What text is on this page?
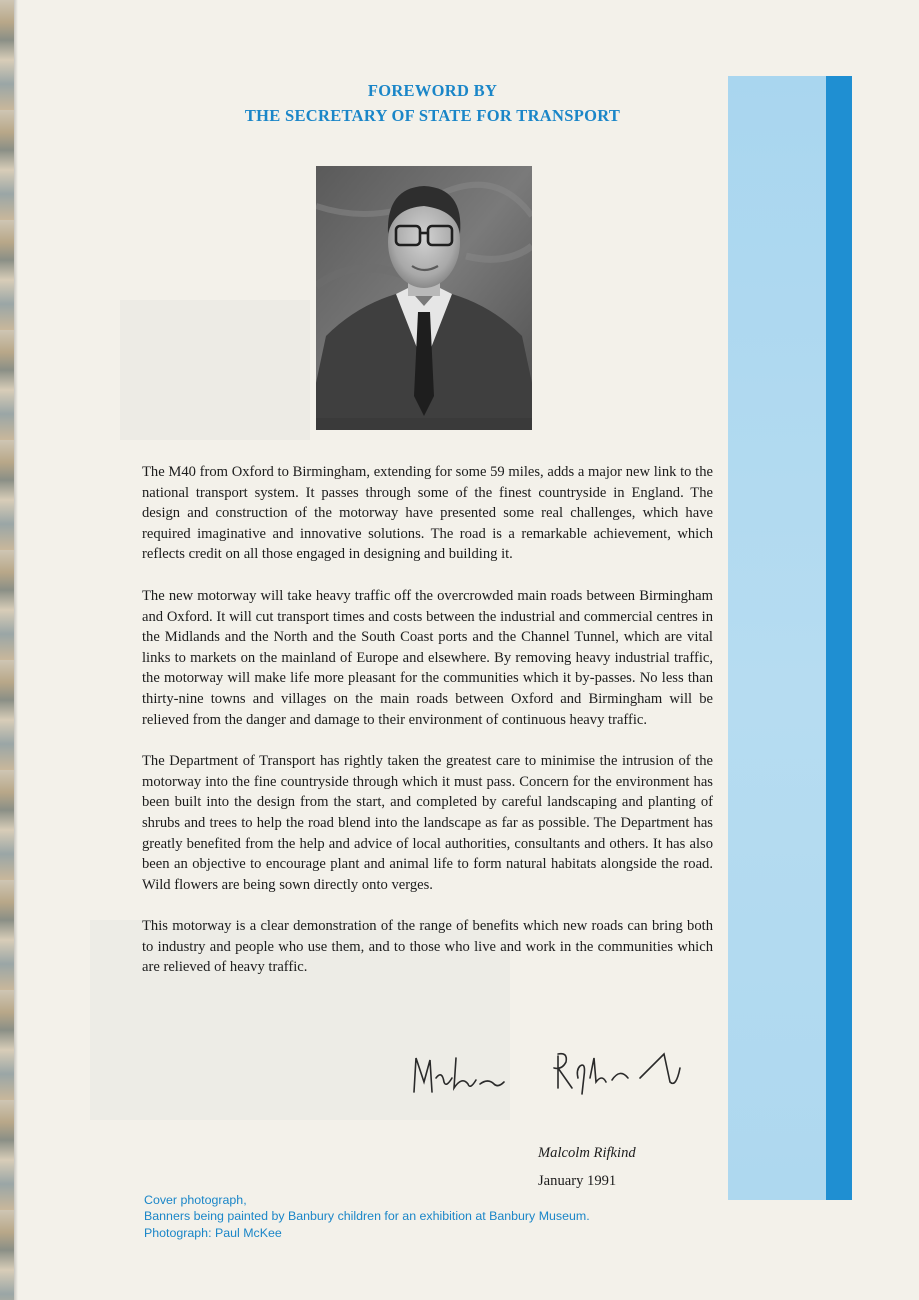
FOREWORD BY
THE SECRETARY OF STATE FOR TRANSPORT

The M40 from Oxford to Birmingham, extending for some 59 miles, adds a major new link to the national transport system. It passes through some of the finest countryside in England. The design and construction of the motorway have presented some real challenges, which have required imaginative and innovative solutions. The road is a remarkable achievement, which reflects credit on all those engaged in designing and building it.

The new motorway will take heavy traffic off the overcrowded main roads between Birmingham and Oxford. It will cut transport times and costs between the industrial and commercial centres in the Midlands and the North and the South Coast ports and the Channel Tunnel, which are vital links to markets on the mainland of Europe and elsewhere. By removing heavy industrial traffic, the motorway will make life more pleasant for the communities which it by-passes. No less than thirty-nine towns and villages on the main roads between Oxford and Birmingham will be relieved from the danger and damage to their environment of continuous heavy traffic.

The Department of Transport has rightly taken the greatest care to minimise the intrusion of the motorway into the fine countryside through which it must pass. Concern for the environment has been built into the design from the start, and completed by careful landscaping and planting of shrubs and trees to help the road blend into the landscape as far as possible. The Department has greatly benefited from the help and advice of local authorities, consultants and others. It has also been an objective to encourage plant and animal life to form natural habitats alongside the road. Wild flowers are being sown directly onto verges.

This motorway is a clear demonstration of the range of benefits which new roads can bring both to industry and people who use them, and to those who live and work in the communities which are relieved of heavy traffic.

Malcolm Rifkind
January 1991
Cover photograph,
Banners being painted by Banbury children for an exhibition at Banbury Museum.
Photograph: Paul McKee
